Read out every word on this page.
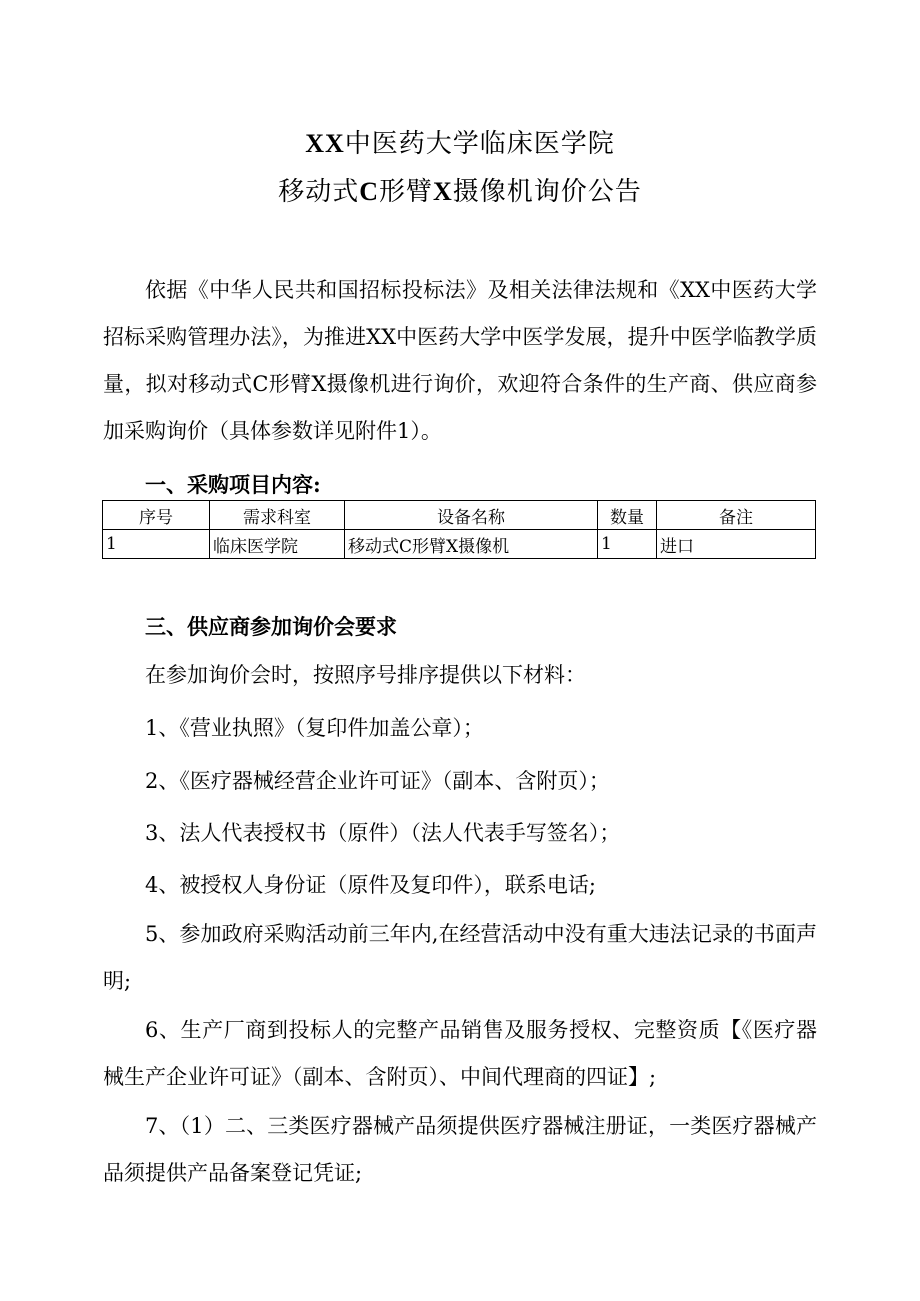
XX中医药大学临床医学院
移动式C形臂X摄像机询价公告

依据《中华人民共和国招标投标法》及相关法律法规和《XX中医药大学招标采购管理办法》，为推进XX中医药大学中医学发展，提升中医学临教学质量，拟对移动式C形臂X摄像机进行询价，欢迎符合条件的生产商、供应商参加采购询价（具体参数详见附件1）。

一、采购项目内容:
序号	需求科室	设备名称	数量	备注
1	临床医学院	移动式C形臂X摄像机	1	进口
三、供应商参加询价会要求

在参加询价会时，按照序号排序提供以下材料：

1、《营业执照》（复印件加盖公章）；

2、《医疗器械经营企业许可证》（副本、含附页）；

3、法人代表授权书（原件）（法人代表手写签名）；

4、被授权人身份证（原件及复印件），联系电话;

5、参加政府采购活动前三年内,在经营活动中没有重大违法记录的书面声明;

6、生产厂商到投标人的完整产品销售及服务授权、完整资质【《医疗器械生产企业许可证》（副本、含附页）、中间代理商的四证】;

7、（1）二、三类医疗器械产品须提供医疗器械注册证，一类医疗器械产品须提供产品备案登记凭证;
